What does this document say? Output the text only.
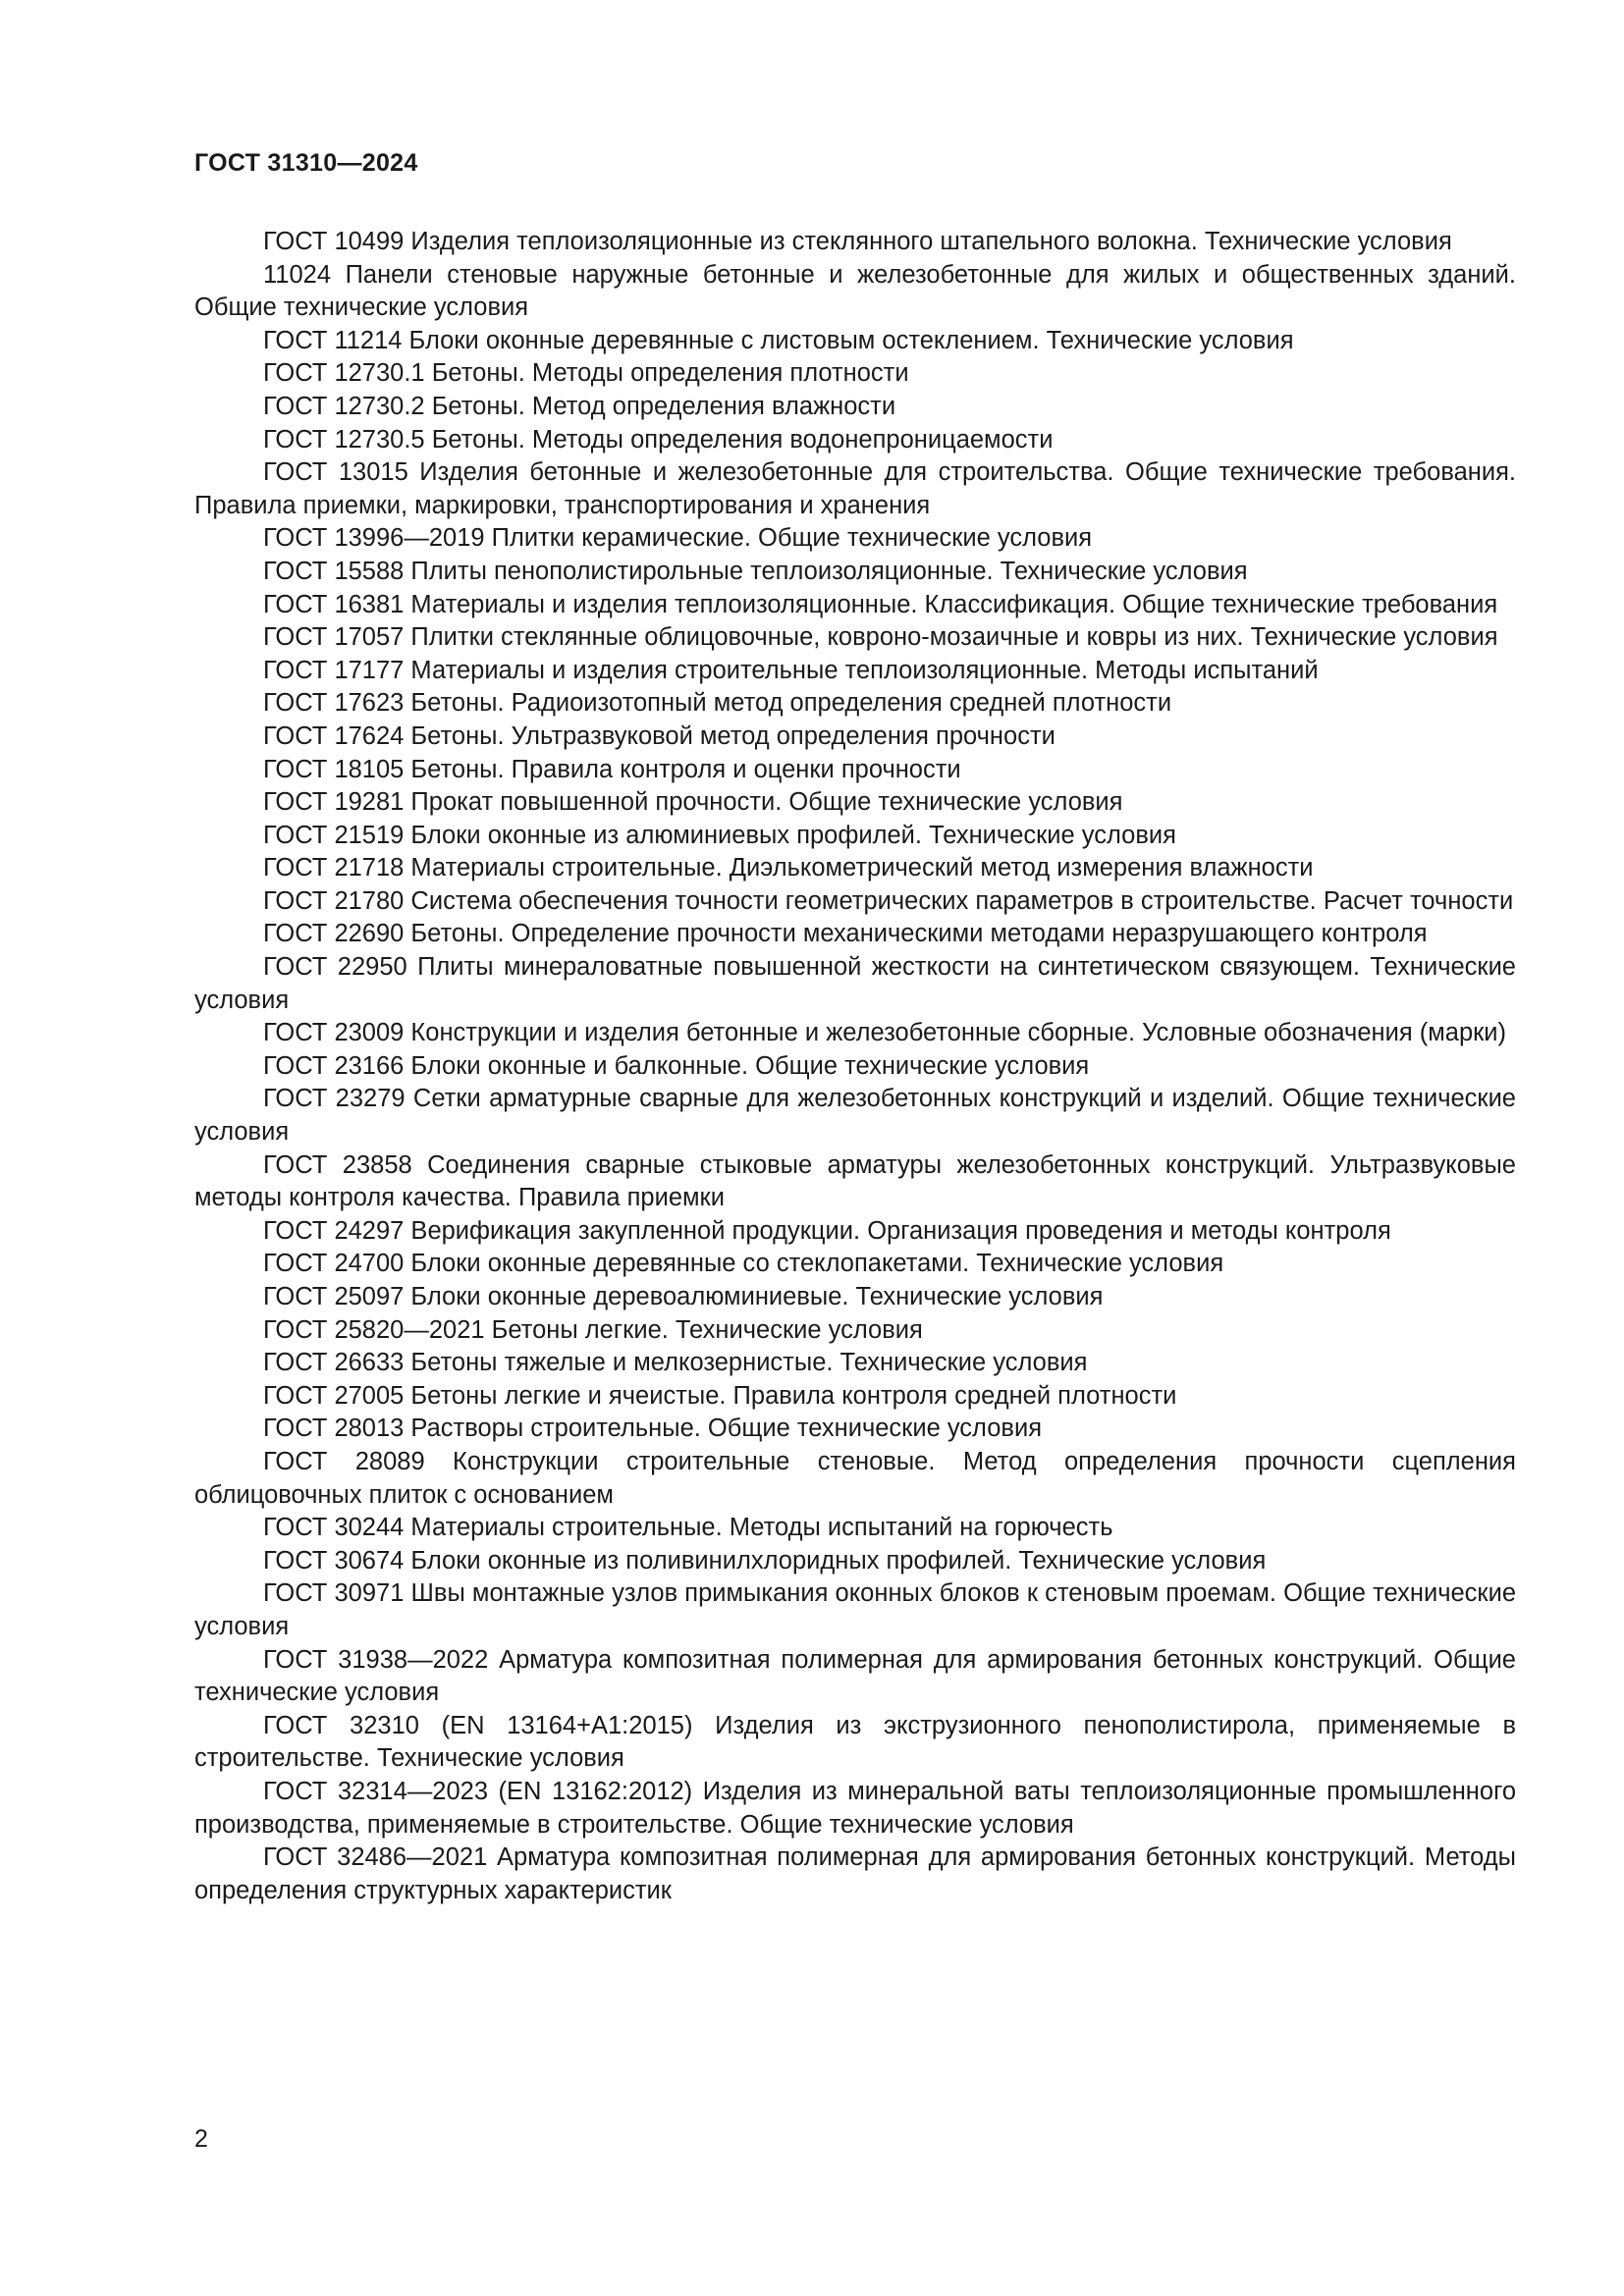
ГОСТ 31310—2024

ГОСТ 10499 Изделия теплоизоляционные из стеклянного штапельного волокна. Технические условия

11024 Панели стеновые наружные бетонные и железобетонные для жилых и общественных зданий. Общие технические условия

ГОСТ 11214 Блоки оконные деревянные с листовым остеклением. Технические условия

ГОСТ 12730.1 Бетоны. Методы определения плотности

ГОСТ 12730.2 Бетоны. Метод определения влажности

ГОСТ 12730.5 Бетоны. Методы определения водонепроницаемости

ГОСТ 13015 Изделия бетонные и железобетонные для строительства. Общие технические требования. Правила приемки, маркировки, транспортирования и хранения

ГОСТ 13996—2019 Плитки керамические. Общие технические условия

ГОСТ 15588 Плиты пенополистирольные теплоизоляционные. Технические условия

ГОСТ 16381 Материалы и изделия теплоизоляционные. Классификация. Общие технические требования

ГОСТ 17057 Плитки стеклянные облицовочные, ковроно-мозаичные и ковры из них. Технические условия

ГОСТ 17177 Материалы и изделия строительные теплоизоляционные. Методы испытаний

ГОСТ 17623 Бетоны. Радиоизотопный метод определения средней плотности

ГОСТ 17624 Бетоны. Ультразвуковой метод определения прочности

ГОСТ 18105 Бетоны. Правила контроля и оценки прочности

ГОСТ 19281 Прокат повышенной прочности. Общие технические условия

ГОСТ 21519 Блоки оконные из алюминиевых профилей. Технические условия

ГОСТ 21718 Материалы строительные. Диэлькометрический метод измерения влажности

ГОСТ 21780 Система обеспечения точности геометрических параметров в строительстве. Расчет точности

ГОСТ 22690 Бетоны. Определение прочности механическими методами неразрушающего контроля

ГОСТ 22950 Плиты минераловатные повышенной жесткости на синтетическом связующем. Технические условия

ГОСТ 23009 Конструкции и изделия бетонные и железобетонные сборные. Условные обозначения (марки)

ГОСТ 23166 Блоки оконные и балконные. Общие технические условия

ГОСТ 23279 Сетки арматурные сварные для железобетонных конструкций и изделий. Общие технические условия

ГОСТ 23858 Соединения сварные стыковые арматуры железобетонных конструкций. Ультразвуковые методы контроля качества. Правила приемки

ГОСТ 24297 Верификация закупленной продукции. Организация проведения и методы контроля

ГОСТ 24700 Блоки оконные деревянные со стеклопакетами. Технические условия

ГОСТ 25097 Блоки оконные деревоалюминиевые. Технические условия

ГОСТ 25820—2021 Бетоны легкие. Технические условия

ГОСТ 26633 Бетоны тяжелые и мелкозернистые. Технические условия

ГОСТ 27005 Бетоны легкие и ячеистые. Правила контроля средней плотности

ГОСТ 28013 Растворы строительные. Общие технические условия

ГОСТ 28089 Конструкции строительные стеновые. Метод определения прочности сцепления облицовочных плиток с основанием

ГОСТ 30244 Материалы строительные. Методы испытаний на горючесть

ГОСТ 30674 Блоки оконные из поливинилхлоридных профилей. Технические условия

ГОСТ 30971 Швы монтажные узлов примыкания оконных блоков к стеновым проемам. Общие технические условия

ГОСТ 31938—2022 Арматура композитная полимерная для армирования бетонных конструкций. Общие технические условия

ГОСТ 32310 (EN 13164+A1:2015) Изделия из экструзионного пенополистирола, применяемые в строительстве. Технические условия

ГОСТ 32314—2023 (EN 13162:2012) Изделия из минеральной ваты теплоизоляционные промышленного производства, применяемые в строительстве. Общие технические условия

ГОСТ 32486—2021 Арматура композитная полимерная для армирования бетонных конструкций. Методы определения структурных характеристик

2
